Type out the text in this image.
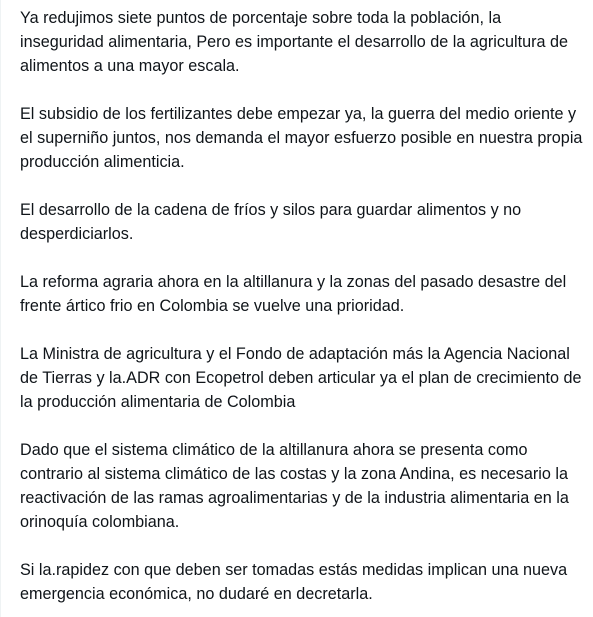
Ya redujimos siete puntos de porcentaje sobre toda la población, la inseguridad alimentaria, Pero es importante el desarrollo de la agricultura de alimentos a una mayor escala.

El subsidio de los fertilizantes debe empezar ya, la guerra del medio oriente y el superniño juntos, nos demanda el mayor esfuerzo posible en nuestra propia producción alimenticia.

El desarrollo de la cadena de fríos y silos para guardar alimentos y no desperdiciarlos.

La reforma agraria ahora en la altillanura y la zonas del pasado desastre del frente ártico frio en Colombia se vuelve una prioridad.

La Ministra de agricultura y el Fondo de adaptación más la Agencia Nacional de Tierras y la.ADR con Ecopetrol deben articular ya el plan de crecimiento de la producción alimentaria de Colombia

Dado que el sistema climático de la altillanura ahora se presenta como contrario al sistema climático de las costas y la zona Andina, es necesario la reactivación de las ramas agroalimentarias y de la industria alimentaria en la orinoquía colombiana.

Si la.rapidez con que deben ser tomadas estás medidas implican una nueva emergencia económica, no dudaré en decretarla.
